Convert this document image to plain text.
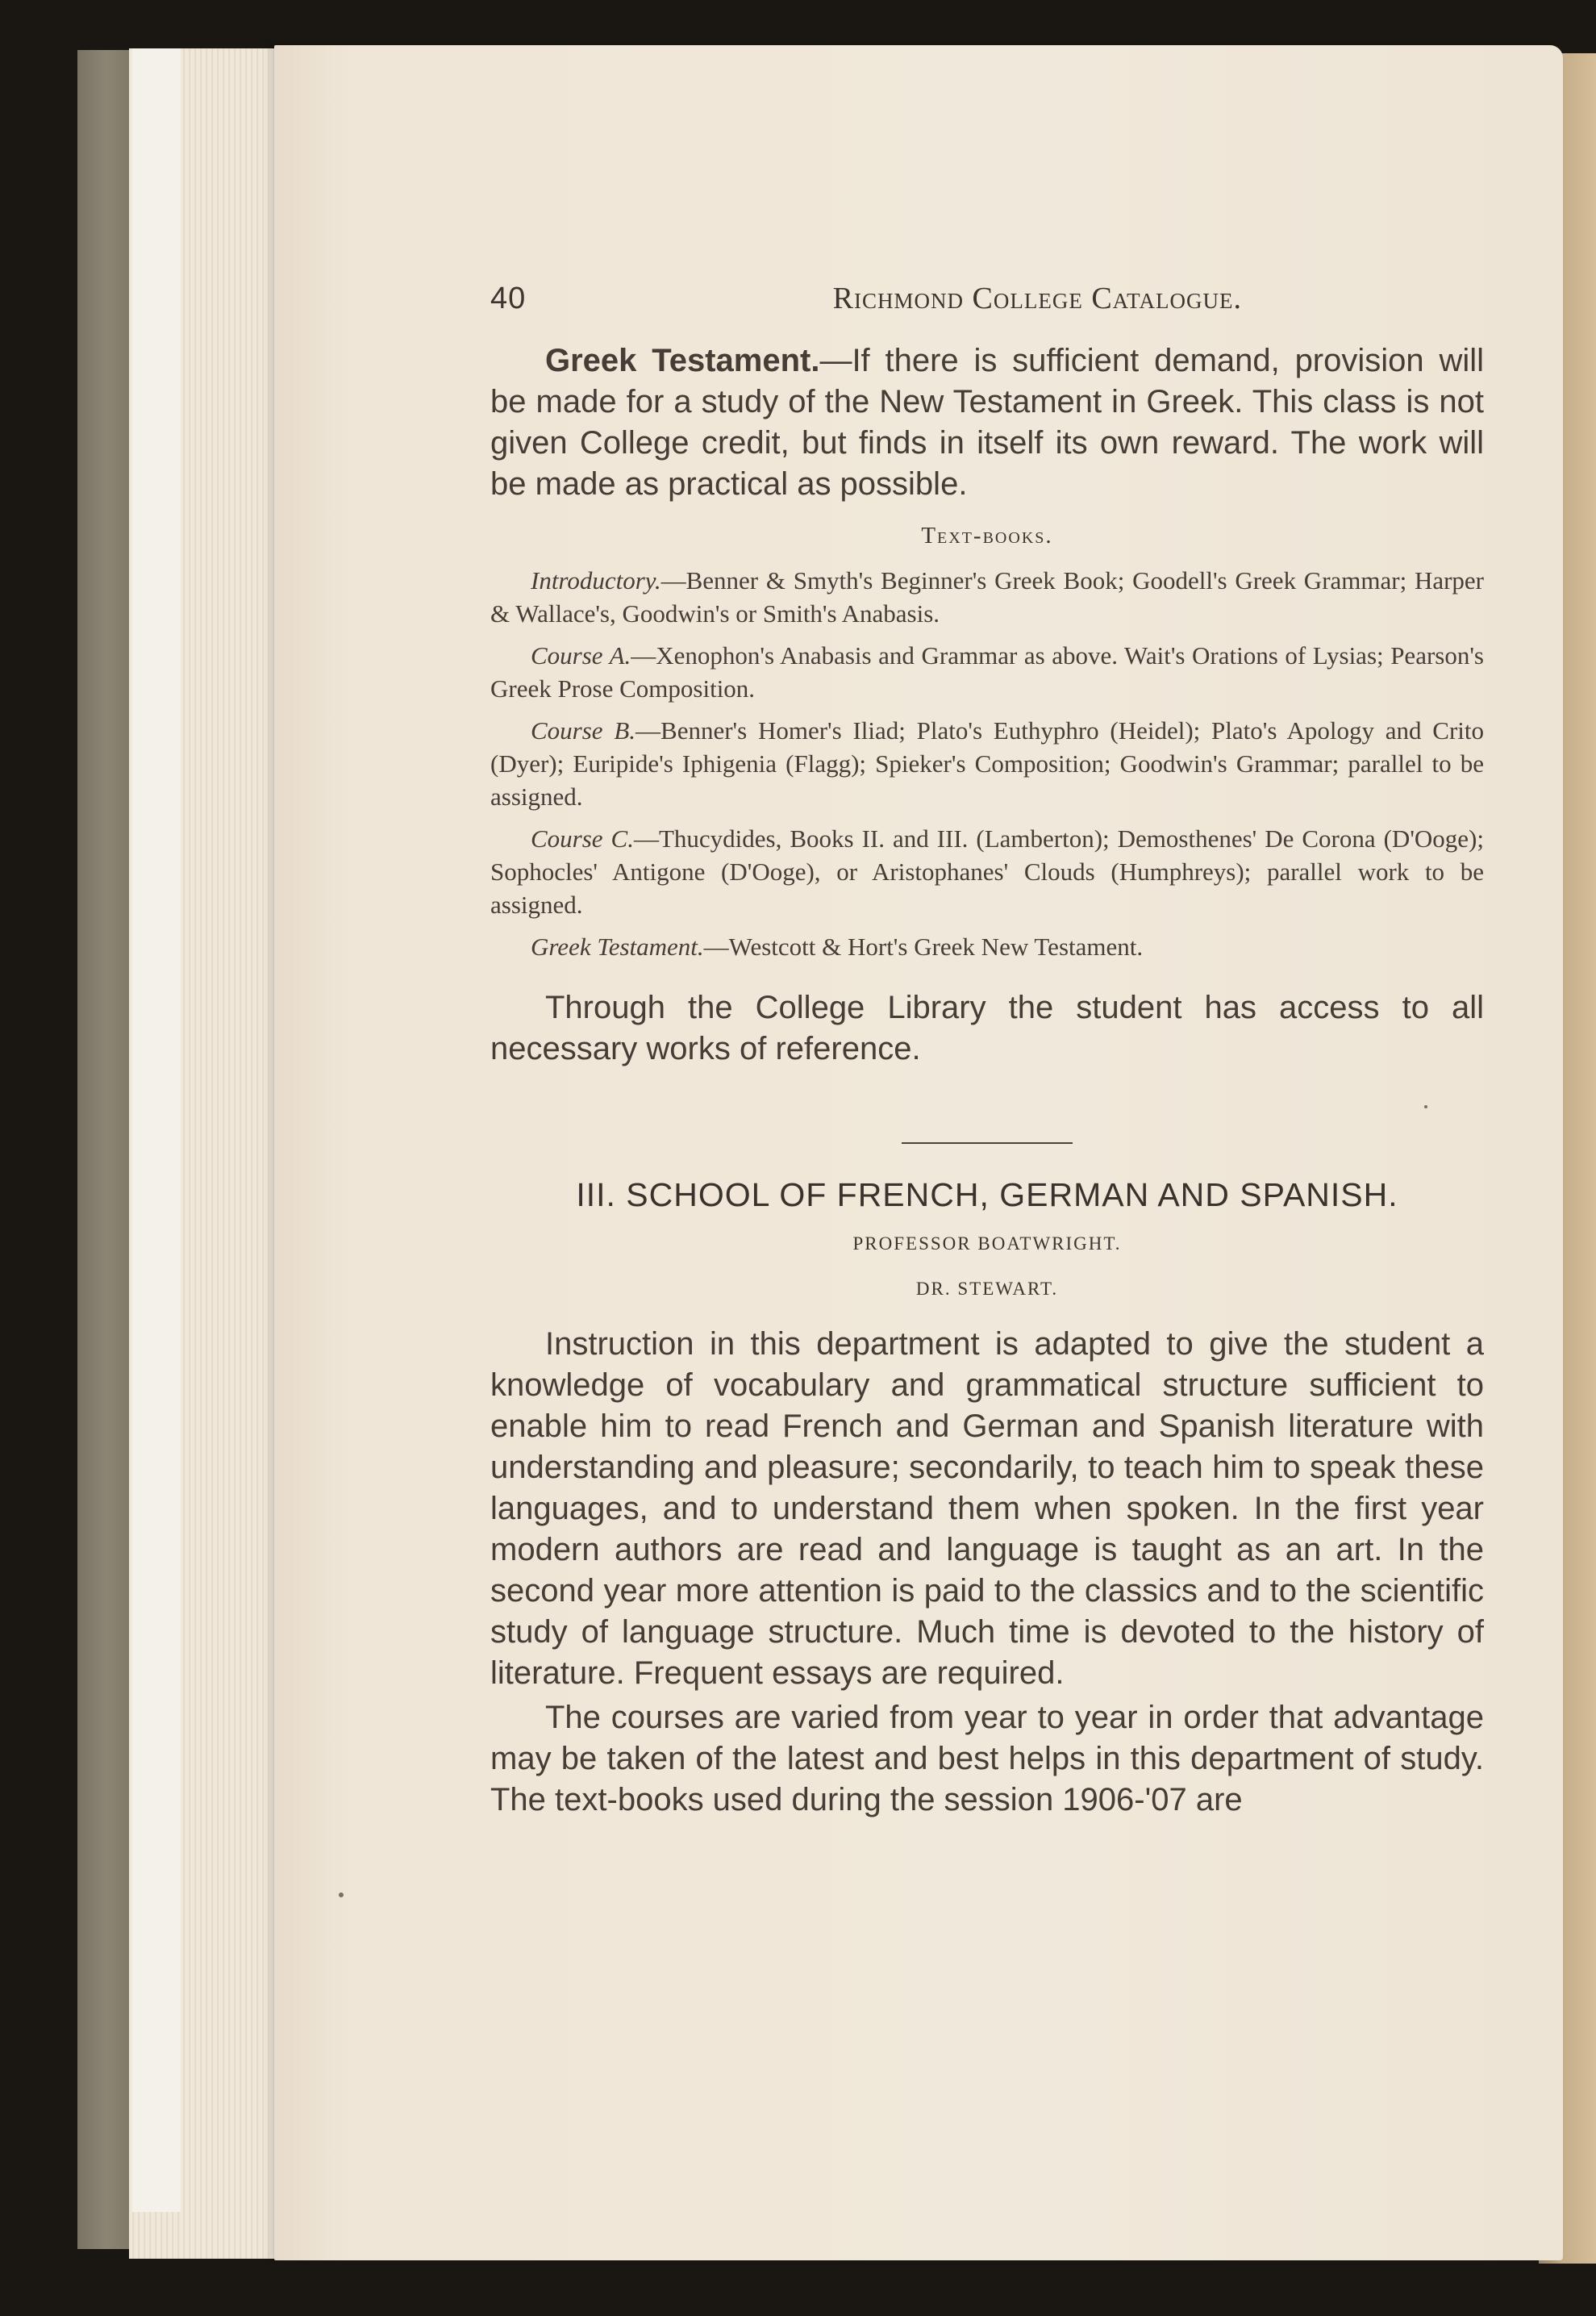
40	Richmond College Catalogue.

Greek Testament.—If there is sufficient demand, provision will be made for a study of the New Testament in Greek. This class is not given College credit, but finds in itself its own reward. The work will be made as practical as possible.

Text-books.

Introductory.—Benner & Smyth's Beginner's Greek Book; Goodell's Greek Grammar; Harper & Wallace's, Goodwin's or Smith's Anabasis.

Course A.—Xenophon's Anabasis and Grammar as above. Wait's Orations of Lysias; Pearson's Greek Prose Composition.

Course B.—Benner's Homer's Iliad; Plato's Euthyphro (Heidel); Plato's Apology and Crito (Dyer); Euripide's Iphigenia (Flagg); Spieker's Composition; Goodwin's Grammar; parallel to be assigned.

Course C.—Thucydides, Books II. and III. (Lamberton); Demosthenes' De Corona (D'Ooge); Sophocles' Antigone (D'Ooge), or Aristophanes' Clouds (Humphreys); parallel work to be assigned.

Greek Testament.—Westcott & Hort's Greek New Testament.

Through the College Library the student has access to all necessary works of reference.

III. SCHOOL OF FRENCH, GERMAN AND SPANISH.
PROFESSOR BOATWRIGHT.
DR. STEWART.

Instruction in this department is adapted to give the student a knowledge of vocabulary and grammatical structure sufficient to enable him to read French and German and Spanish literature with understanding and pleasure; secondarily, to teach him to speak these languages, and to understand them when spoken. In the first year modern authors are read and language is taught as an art. In the second year more attention is paid to the classics and to the scientific study of language structure. Much time is devoted to the history of literature. Frequent essays are required.

The courses are varied from year to year in order that advantage may be taken of the latest and best helps in this department of study. The text-books used during the session 1906-'07 are
